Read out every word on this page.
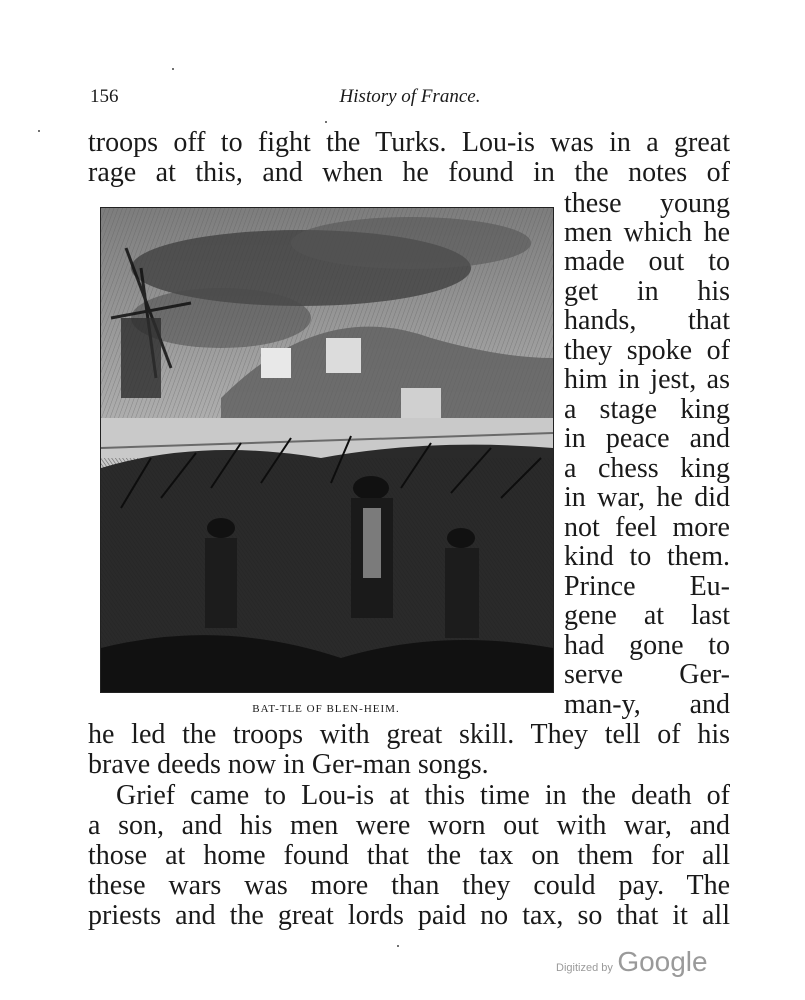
156	History of France.
troops off to fight the Turks. Lou-is was in a great
rage at this, and when he found in the notes of
these young
men which he
made out to
get in his
hands, that
they spoke of
him in jest, as
a stage king
in peace and
a chess king
in war, he did
not feel more
kind to them.
Prince Eu-
gene at last
had gone to
serve Ger-
man-y, and
he led the troops with great skill. They tell of his
brave deeds now in Ger-man songs.
Grief came to Lou-is at this time in the death of
a son, and his men were worn out with war, and
those at home found that the tax on them for all
these wars was more than they could pay. The
priests and the great lords paid no tax, so that it all
BAT-TLE OF BLEN-HEIM.
Digitized by Google
